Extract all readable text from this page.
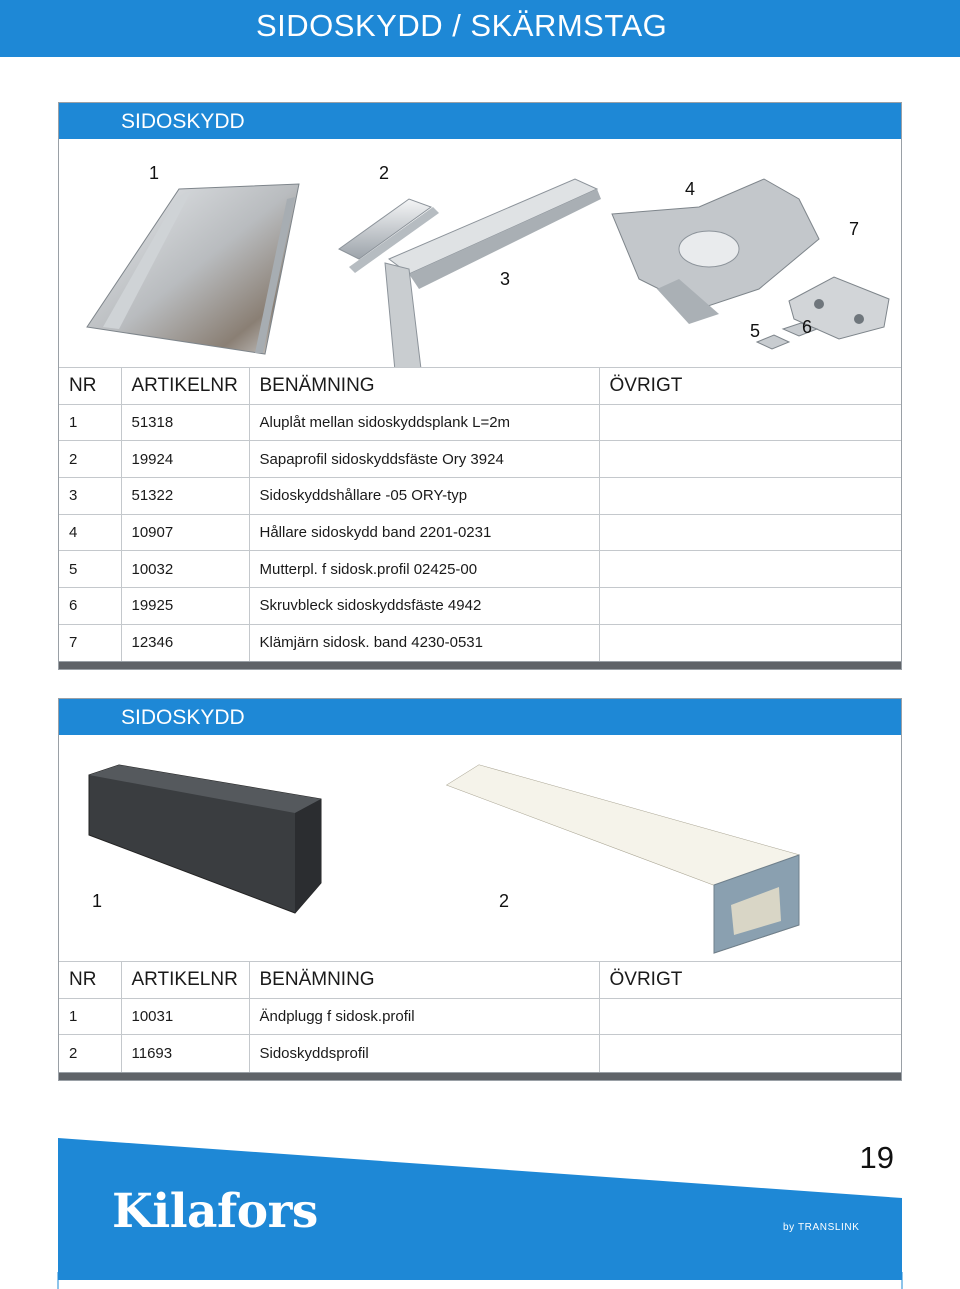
SIDOSKYDD / SKÄRMSTAG
SIDOSKYDD
1	2
3
4
5 6
7
NR	ARTIKELNR	BENÄMNING	ÖVRIGT
1	51318	Aluplåt mellan sidoskyddsplank L=2m	
2	19924	Sapaprofil sidoskyddsfäste Ory 3924	
3	51322	Sidoskyddshållare -05 ORY-typ	
4	10907	Hållare sidoskydd band 2201-0231	
5	10032	Mutterpl. f sidosk.profil 02425-00	
6	19925	Skruvbleck sidoskyddsfäste 4942	
7	12346	Klämjärn sidosk. band 4230-0531	
SIDOSKYDD
1	2
NR	ARTIKELNR	BENÄMNING	ÖVRIGT
1	10031	Ändplugg f sidosk.profil	
2	11693	Sidoskyddsprofil	
19
Kilafors	by TRANSLINK
